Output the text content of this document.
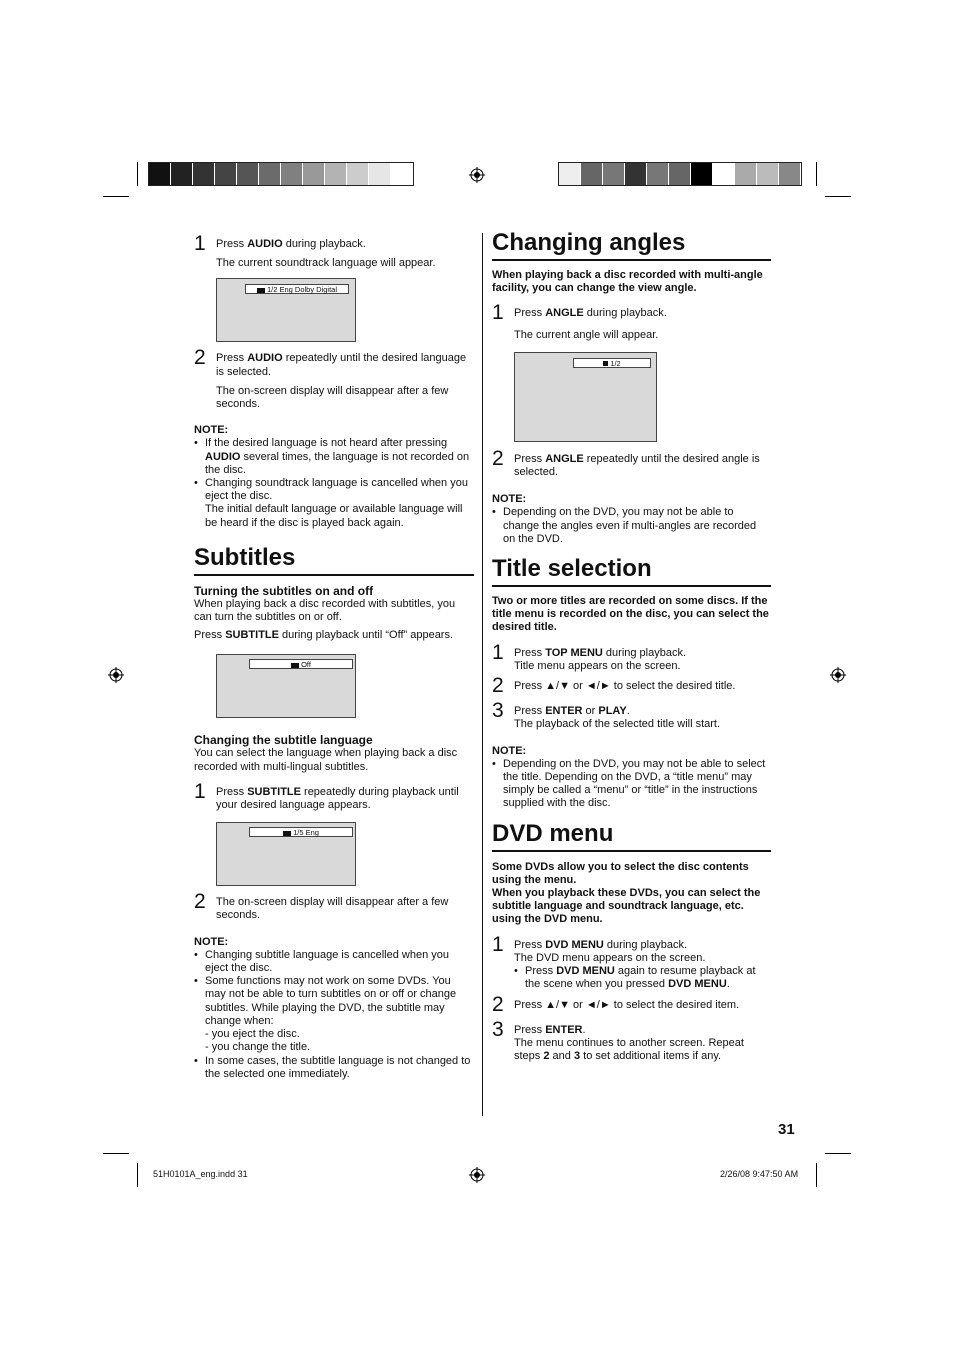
1 Press AUDIO during playback.

The current soundtrack language will appear.

1/2 Eng Dolby Digital
2 Press AUDIO repeatedly until the desired language is selected.

The on-screen display will disappear after a few seconds.

NOTE:
• If the desired language is not heard after pressing AUDIO several times, the language is not recorded on the disc.
• Changing soundtrack language is cancelled when you eject the disc.
The initial default language or available language will be heard if the disc is played back again.
Subtitles
Turning the subtitles on and off

When playing back a disc recorded with subtitles, you can turn the subtitles on or off.

Press SUBTITLE during playback until “Off” appears.

Off
Changing the subtitle language

You can select the language when playing back a disc recorded with multi-lingual subtitles.

1 Press SUBTITLE repeatedly during playback until your desired language appears.

1/5 Eng
2 The on-screen display will disappear after a few seconds.

NOTE:
• Changing subtitle language is cancelled when you eject the disc.
• Some functions may not work on some DVDs. You may not be able to turn subtitles on or off or change subtitles. While playing the DVD, the subtitle may change when:
- you eject the disc.
- you change the title.
• In some cases, the subtitle language is not changed to the selected one immediately.
Changing angles

When playing back a disc recorded with multi-angle facility, you can change the view angle.

1 Press ANGLE during playback.

The current angle will appear.

1/2
2 Press ANGLE repeatedly until the desired angle is selected.

NOTE:
• Depending on the DVD, you may not be able to change the angles even if multi-angles are recorded on the DVD.
Title selection

Two or more titles are recorded on some discs. If the title menu is recorded on the disc, you can select the desired title.

1 Press TOP MENU during playback.

Title menu appears on the screen.

2 Press ▲/▼ or ◄/► to select the desired title.

3 Press ENTER or PLAY.

The playback of the selected title will start.

NOTE:
• Depending on the DVD, you may not be able to select the title. Depending on the DVD, a “title menu” may simply be called a “menu” or “title” in the instructions supplied with the disc.
DVD menu

Some DVDs allow you to select the disc contents using the menu.

When you playback these DVDs, you can select the subtitle language and soundtrack language, etc. using the DVD menu.

1 Press DVD MENU during playback.

The DVD menu appears on the screen.

• Press DVD MENU again to resume playback at the scene when you pressed DVD MENU.
2 Press ▲/▼ or ◄/► to select the desired item.

3 Press ENTER.

The menu continues to another screen. Repeat steps 2 and 3 to set additional items if any.

31
51H0101A_eng.indd 31	2/26/08 9:47:50 AM
